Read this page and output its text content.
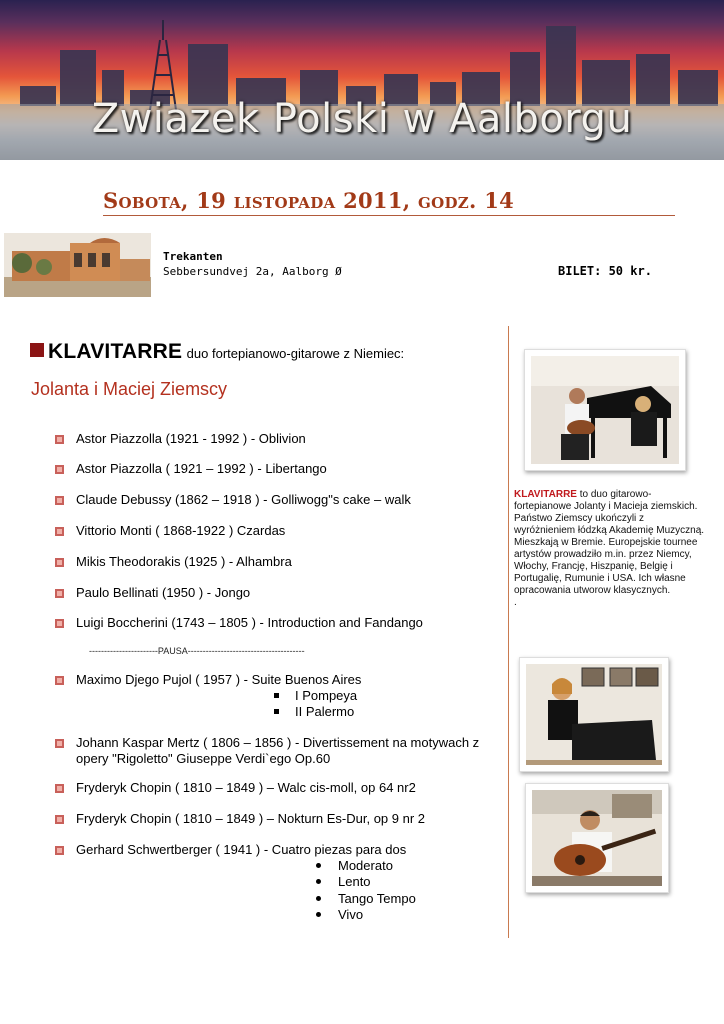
Zwiazek Polski w Aalborgu
Sobota, 19 listopada 2011, godz. 14
Trekanten
Sebbersundvej 2a, Aalborg Ø	BILET: 50 kr.
KLAVITARRE duo fortepianowo-gitarowe z Niemiec:
Jolanta i Maciej Ziemscy
Astor Piazzolla (1921 - 1992 ) - Oblivion
Astor Piazzolla ( 1921 – 1992 ) - Libertango
Claude Debussy (1862 – 1918 ) - Golliwogg"s cake – walk
Vittorio Monti ( 1868-1922 ) Czardas
Mikis Theodorakis (1925 ) - Alhambra
Paulo Bellinati (1950 ) - Jongo
Luigi Boccherini (1743 – 1805 ) - Introduction and Fandango
-----------------------PAUSA---------------------------------------
Maximo Djego Pujol ( 1957 ) - Suite Buenos Aires
I Pompeya
II Palermo
Johann Kaspar Mertz ( 1806 – 1856 ) - Divertissement na motywach z
opery "Rigoletto" Giuseppe Verdi`ego Op.60
Fryderyk Chopin ( 1810 – 1849 ) – Walc cis-moll, op 64 nr2
Fryderyk Chopin ( 1810 – 1849 ) – Nokturn Es-Dur, op 9 nr 2
Gerhard Schwertberger ( 1941 ) - Cuatro piezas para dos
Moderato
Lento
Tango Tempo
Vivo
KLAVITARRE to duo gitarowo-fortepianowe Jolanty i Macieja ziemskich. Państwo Ziemscy ukończyli z wyróżnieniem łódzką Akademię Muzyczną. Mieszkają w Bremie. Europejskie tournee artystów prowadziło m.in. przez Niemcy, Włochy, Francję, Hiszpanię, Belgię i Portugalię, Rumunie i USA. Ich własne opracowania utworow klasycznych.
.
